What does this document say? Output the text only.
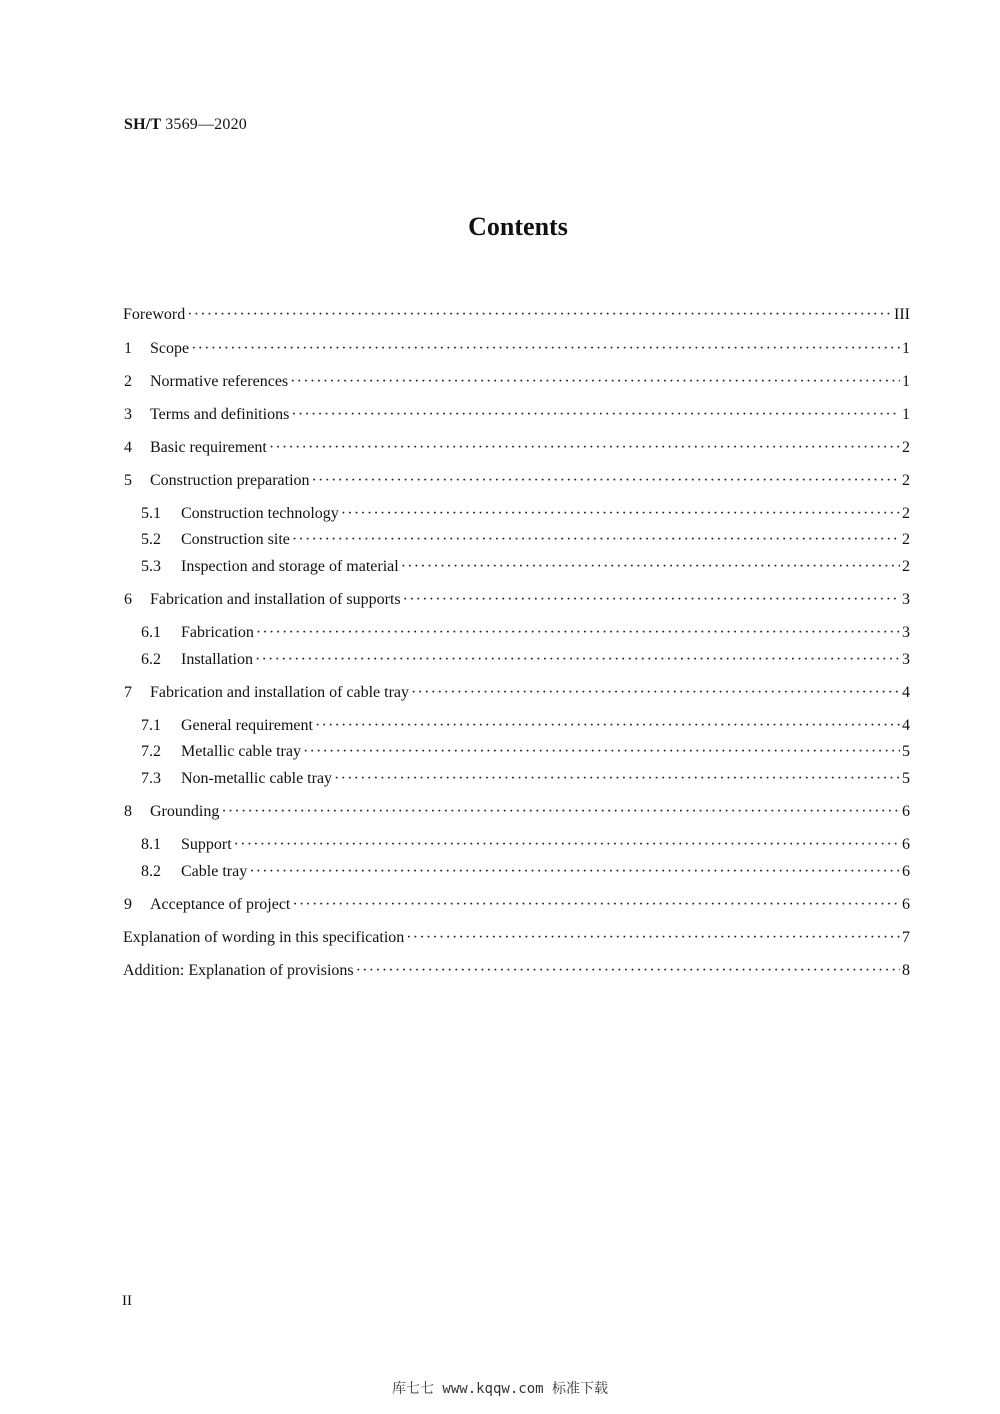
SH/T 3569—2020
Contents
Foreword ·····	III
1	Scope ·····	1
2	Normative references ·····	1
3	Terms and definitions ·····	1
4	Basic requirement ·····	2
5	Construction preparation ·····	2
5.1	Construction technology ·····	2
5.2	Construction site ·····	2
5.3	Inspection and storage of material ·····	2
6	Fabrication and installation of supports ·····	3
6.1	Fabrication ·····	3
6.2	Installation ·····	3
7	Fabrication and installation of cable tray ·····	4
7.1	General requirement ·····	4
7.2	Metallic cable tray ·····	5
7.3	Non-metallic cable tray ·····	5
8	Grounding ·····	6
8.1	Support ·····	6
8.2	Cable tray ·····	6
9	Acceptance of project ·····	6
Explanation of wording in this specification ·····	7
Addition: Explanation of provisions ·····	8
II
库七七 www.kqqw.com 标准下载
